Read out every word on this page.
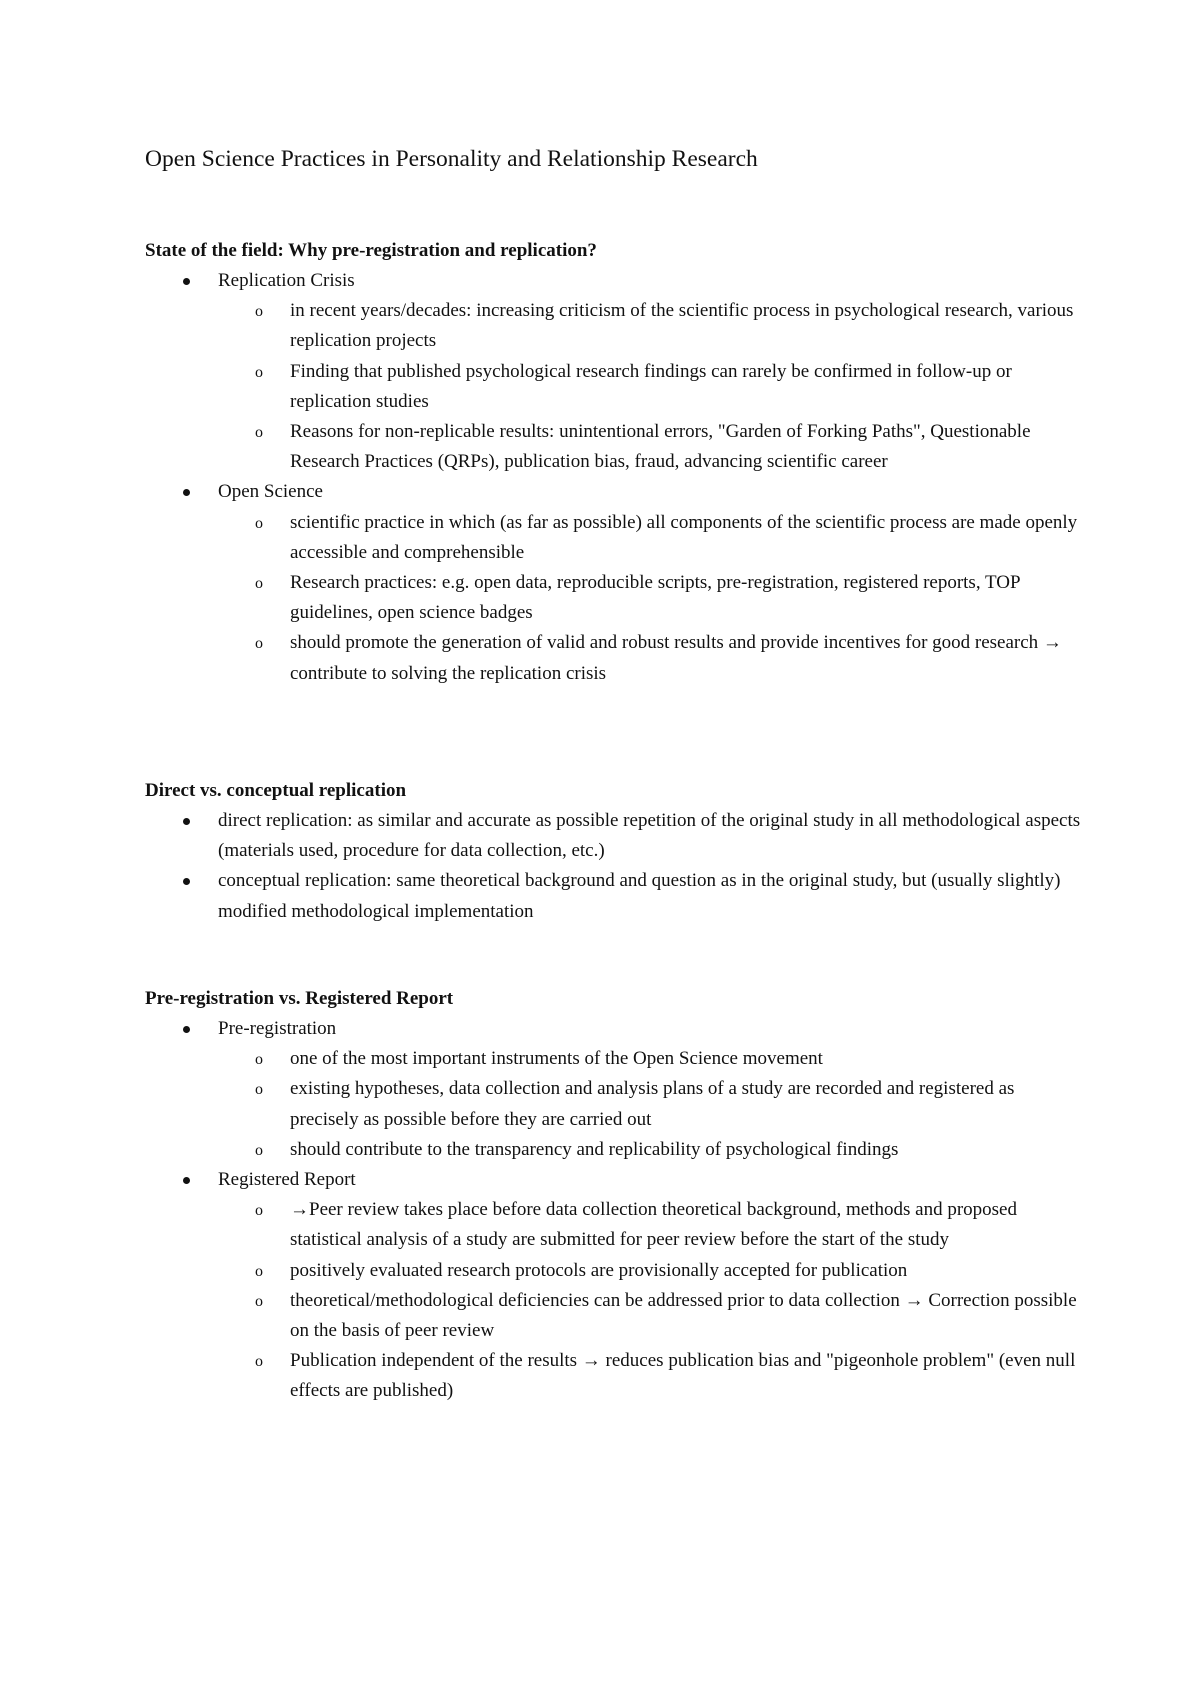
Open Science Practices in Personality and Relationship Research
State of the field: Why pre-registration and replication?
Replication Crisis
o in recent years/decades: increasing criticism of the scientific process in psychological research, various replication projects
o Finding that published psychological research findings can rarely be confirmed in follow-up or replication studies
o Reasons for non-replicable results: unintentional errors, "Garden of Forking Paths", Questionable Research Practices (QRPs), publication bias, fraud, advancing scientific career
Open Science
o scientific practice in which (as far as possible) all components of the scientific process are made openly accessible and comprehensible
o Research practices: e.g. open data, reproducible scripts, pre-registration, registered reports, TOP guidelines, open science badges
o should promote the generation of valid and robust results and provide incentives for good research → contribute to solving the replication crisis
Direct vs. conceptual replication
direct replication: as similar and accurate as possible repetition of the original study in all methodological aspects (materials used, procedure for data collection, etc.)
conceptual replication: same theoretical background and question as in the original study, but (usually slightly) modified methodological implementation
Pre-registration vs. Registered Report
Pre-registration
o one of the most important instruments of the Open Science movement
o existing hypotheses, data collection and analysis plans of a study are recorded and registered as precisely as possible before they are carried out
o should contribute to the transparency and replicability of psychological findings
Registered Report
o →Peer review takes place before data collection theoretical background, methods and proposed statistical analysis of a study are submitted for peer review before the start of the study
o positively evaluated research protocols are provisionally accepted for publication
o theoretical/methodological deficiencies can be addressed prior to data collection → Correction possible on the basis of peer review
o Publication independent of the results → reduces publication bias and "pigeonhole problem" (even null effects are published)
